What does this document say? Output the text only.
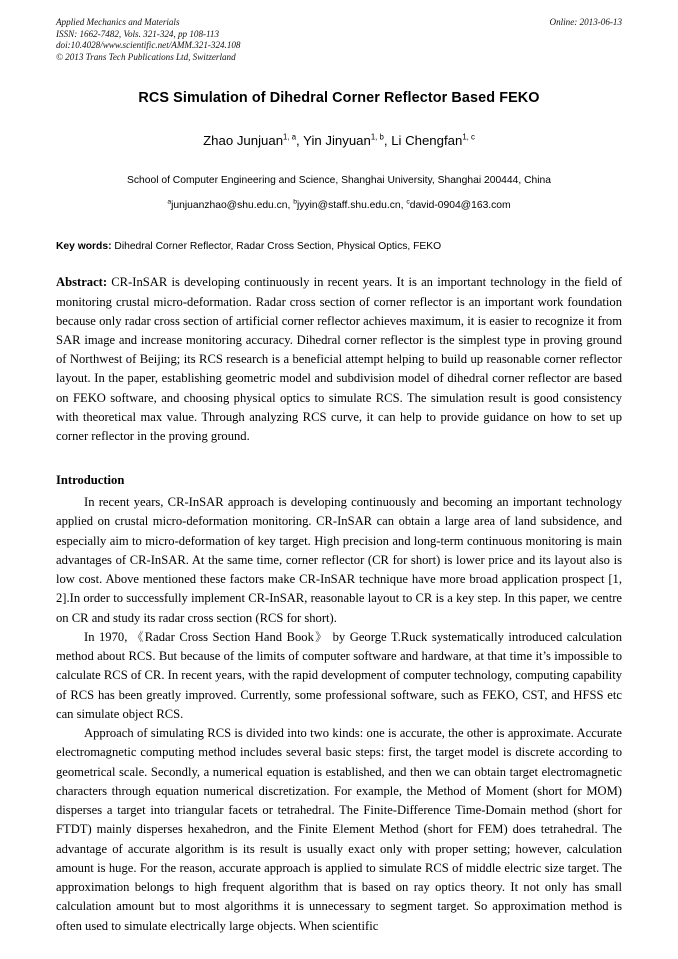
Applied Mechanics and Materials	Online: 2013-06-13
ISSN: 1662-7482, Vols. 321-324, pp 108-113
doi:10.4028/www.scientific.net/AMM.321-324.108
© 2013 Trans Tech Publications Ltd, Switzerland
RCS Simulation of Dihedral Corner Reflector Based FEKO
Zhao Junjuan$^{1, a}$, Yin Jinyuan$^{1, b}$, Li Chengfan$^{1, c}$
School of Computer Engineering and Science, Shanghai University, Shanghai 200444, China
$^a$junjuanzhao@shu.edu.cn, $^b$jyyin@staff.shu.edu.cn, $^c$david-0904@163.com
Key words: Dihedral Corner Reflector, Radar Cross Section, Physical Optics, FEKO
Abstract: CR-InSAR is developing continuously in recent years. It is an important technology in the field of monitoring crustal micro-deformation. Radar cross section of corner reflector is an important work foundation because only radar cross section of artificial corner reflector achieves maximum, it is easier to recognize it from SAR image and increase monitoring accuracy. Dihedral corner reflector is the simplest type in proving ground of Northwest of Beijing; its RCS research is a beneficial attempt helping to build up reasonable corner reflector layout. In the paper, establishing geometric model and subdivision model of dihedral corner reflector are based on FEKO software, and choosing physical optics to simulate RCS. The simulation result is good consistency with theoretical max value. Through analyzing RCS curve, it can help to provide guidance on how to set up corner reflector in the proving ground.
Introduction

In recent years, CR-InSAR approach is developing continuously and becoming an important technology applied on crustal micro-deformation monitoring. CR-InSAR can obtain a large area of land subsidence, and especially aim to micro-deformation of key target. High precision and long-term continuous monitoring is main advantages of CR-InSAR. At the same time, corner reflector (CR for short) is lower price and its layout also is low cost. Above mentioned these factors make CR-InSAR technique have more broad application prospect [1, 2].In order to successfully implement CR-InSAR, reasonable layout to CR is a key step. In this paper, we centre on CR and study its radar cross section (RCS for short).

In 1970, 《Radar Cross Section Hand Book》 by George T.Ruck systematically introduced calculation method about RCS. But because of the limits of computer software and hardware, at that time it’s impossible to calculate RCS of CR. In recent years, with the rapid development of computer technology, computing capability of RCS has been greatly improved. Currently, some professional software, such as FEKO, CST, and HFSS etc can simulate object RCS.

Approach of simulating RCS is divided into two kinds: one is accurate, the other is approximate. Accurate electromagnetic computing method includes several basic steps: first, the target model is discrete according to geometrical scale. Secondly, a numerical equation is established, and then we can obtain target electromagnetic characters through equation numerical discretization. For example, the Method of Moment (short for MOM) disperses a target into triangular facets or tetrahedral. The Finite-Difference Time-Domain method (short for FTDT) mainly disperses hexahedron, and the Finite Element Method (short for FEM) does tetrahedral. The advantage of accurate algorithm is its result is usually exact only with proper setting; however, calculation amount is huge. For the reason, accurate approach is applied to simulate RCS of middle electric size target. The approximation belongs to high frequent algorithm that is based on ray optics theory. It not only has small calculation amount but to most algorithms it is unnecessary to segment target. So approximation method is often used to simulate electrically large objects. When scientific
